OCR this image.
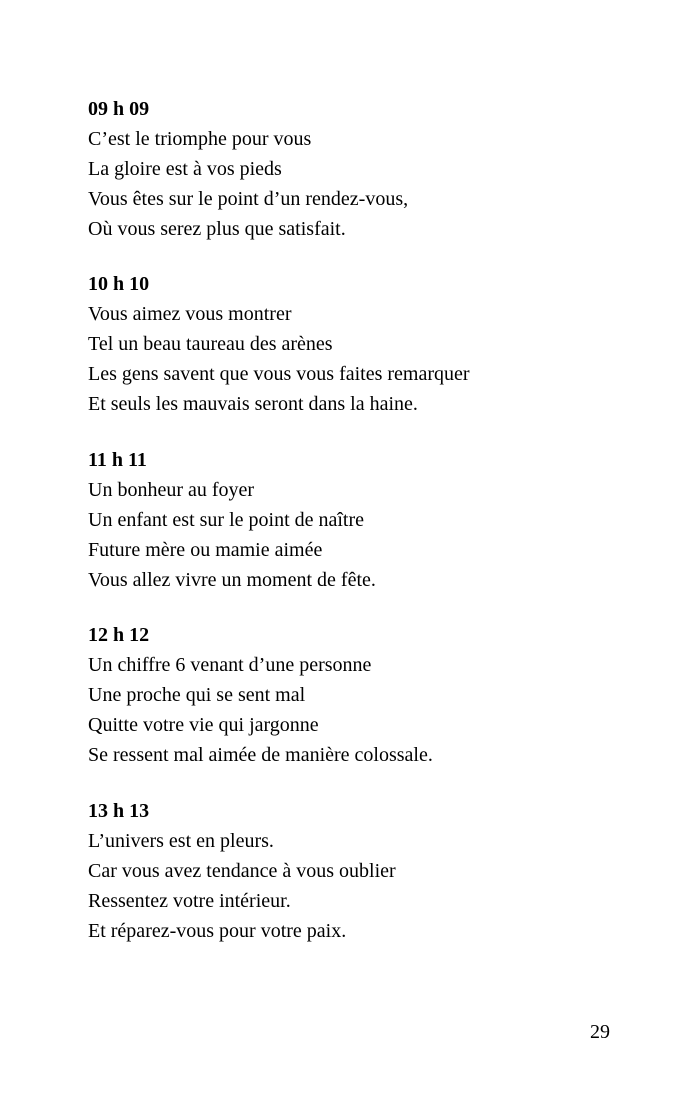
09 h 09
C’est le triomphe pour vous
La gloire est à vos pieds
Vous êtes sur le point d’un rendez-vous,
Où vous serez plus que satisfait.
10 h 10
Vous aimez vous montrer
Tel un beau taureau des arènes
Les gens savent que vous vous faites remarquer
Et seuls les mauvais seront dans la haine.
11 h 11
Un bonheur au foyer
Un enfant est sur le point de naître
Future mère ou mamie aimée
Vous allez vivre un moment de fête.
12 h 12
Un chiffre 6 venant d’une personne
Une proche qui se sent mal
Quitte votre vie qui jargonne
Se ressent mal aimée de manière colossale.
13 h 13
L’univers est en pleurs.
Car vous avez tendance à vous oublier
Ressentez votre intérieur.
Et réparez-vous pour votre paix.
29
